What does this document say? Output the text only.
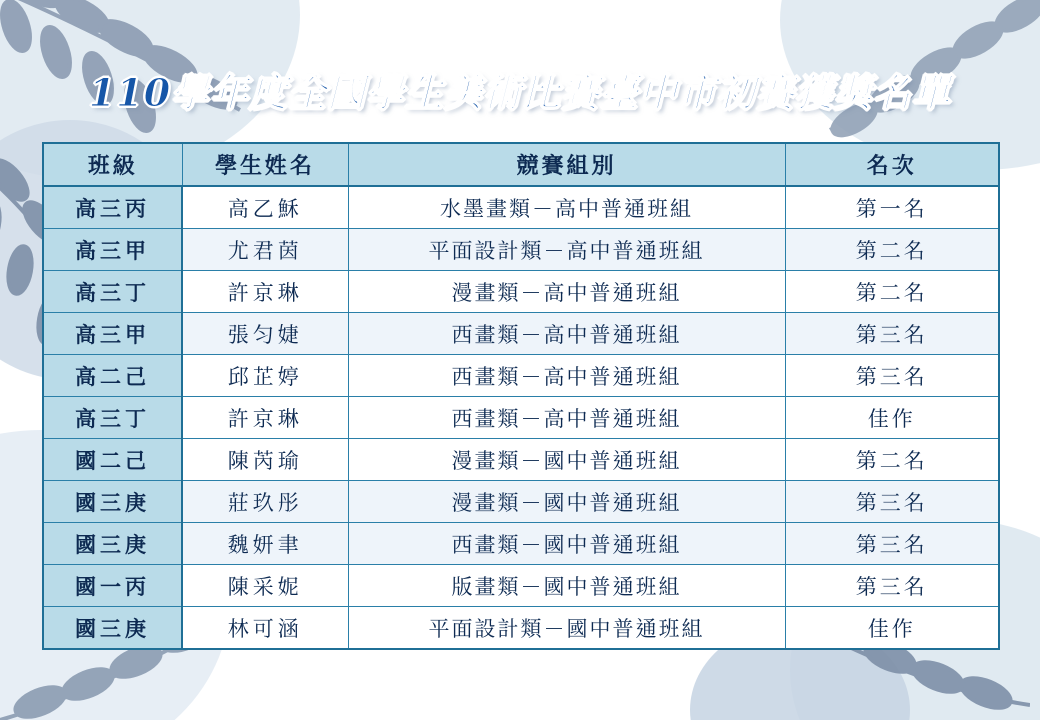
110學年度全國學生美術比賽臺中市初賽獲獎名單
班級	學生姓名	競賽組別	名次
高三丙	高乙穌	水墨畫類－高中普通班組	第一名
高三甲	尤君茵	平面設計類－高中普通班組	第二名
高三丁	許京琳	漫畫類－高中普通班組	第二名
高三甲	張匀婕	西畫類－高中普通班組	第三名
高二己	邱芷婷	西畫類－高中普通班組	第三名
高三丁	許京琳	西畫類－高中普通班組	佳作
國二己	陳芮瑜	漫畫類－國中普通班組	第二名
國三庚	莊玖彤	漫畫類－國中普通班組	第三名
國三庚	魏妍聿	西畫類－國中普通班組	第三名
國一丙	陳采妮	版畫類－國中普通班組	第三名
國三庚	林可涵	平面設計類－國中普通班組	佳作
